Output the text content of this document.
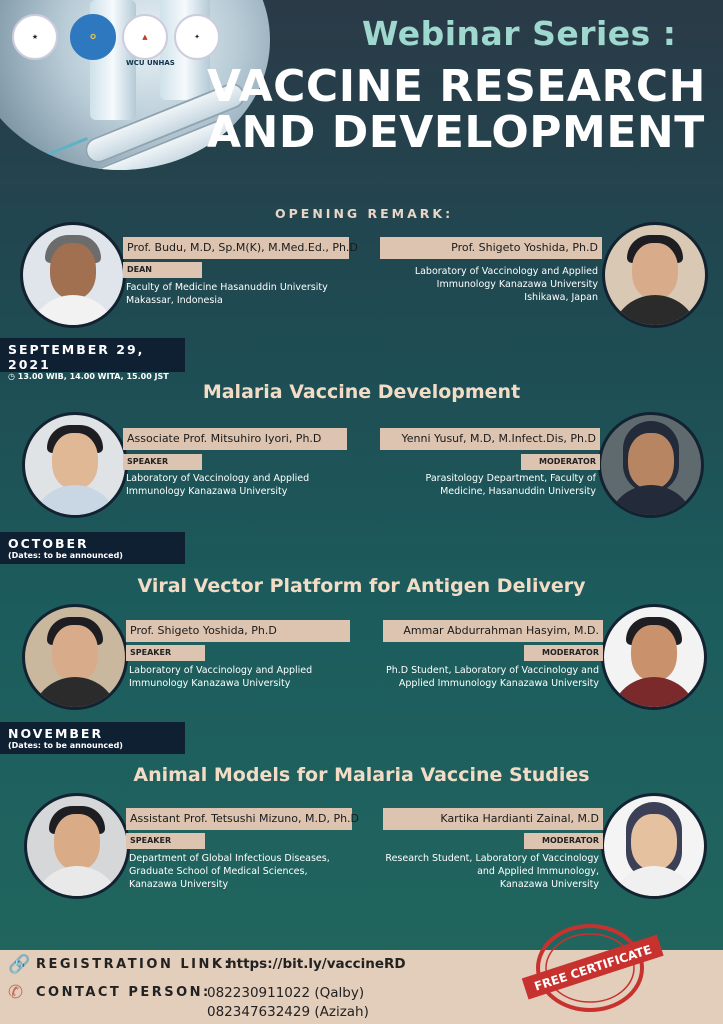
★	✪	▲
WCU UNHAS
✦	Webinar Series :
VACCINE RESEARCH
AND DEVELOPMENT
OPENING REMARK:
Prof. Budu, M.D, Sp.M(K), M.Med.Ed., Ph.D
DEAN
Faculty of Medicine Hasanuddin University
Makassar, Indonesia
Prof. Shigeto Yoshida, Ph.D
Laboratory of Vaccinology and Applied
Immunology Kanazawa University
Ishikawa, Japan
SEPTEMBER 29, 2021
◷ 13.00 WIB, 14.00 WITA, 15.00 JST
Malaria Vaccine Development
Associate Prof. Mitsuhiro Iyori, Ph.D
SPEAKER
Laboratory of Vaccinology and Applied
Immunology Kanazawa University
Yenni Yusuf, M.D, M.Infect.Dis, Ph.D
MODERATOR
Parasitology Department, Faculty of
Medicine, Hasanuddin University
OCTOBER
(Dates: to be announced)
Viral Vector Platform for Antigen Delivery
Prof. Shigeto Yoshida, Ph.D
SPEAKER
Laboratory of Vaccinology and Applied
Immunology Kanazawa University
Ammar Abdurrahman Hasyim, M.D.
MODERATOR
Ph.D Student, Laboratory of Vaccinology and
Applied Immunology Kanazawa University
NOVEMBER
(Dates: to be announced)
Animal Models for Malaria Vaccine Studies
Assistant Prof. Tetsushi Mizuno, M.D, Ph.D
SPEAKER
Department of Global Infectious Diseases,
Graduate School of Medical Sciences,
Kanazawa University
Kartika Hardianti Zainal, M.D
MODERATOR
Research Student, Laboratory of Vaccinology
and Applied Immunology,
Kanazawa University
🔗 REGISTRATION LINK:
https://bit.ly/vaccineRD
✆ CONTACT PERSON:
082230911022 (Qalby)
082347632429 (Azizah)
FREE CERTIFICATE
